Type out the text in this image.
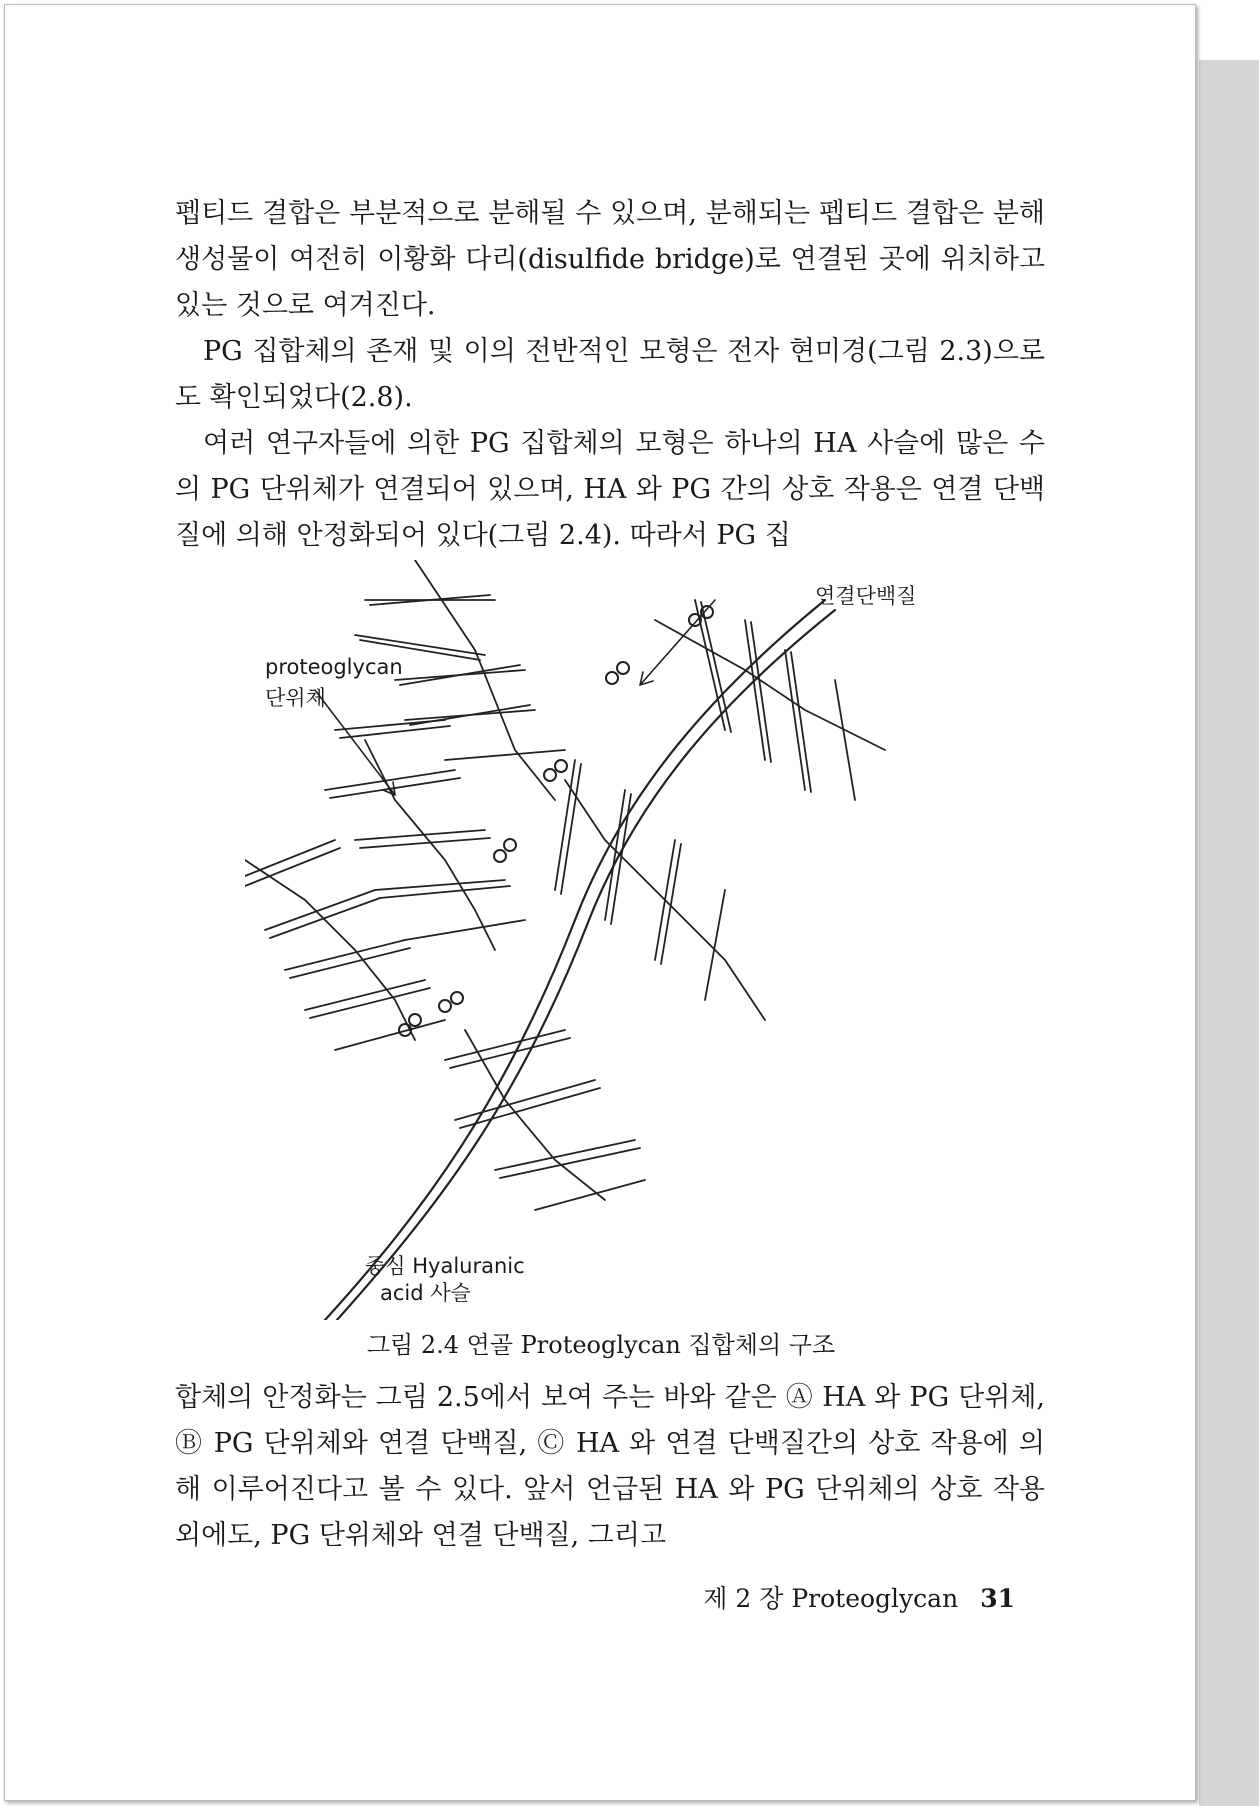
펩티드 결합은 부분적으로 분해될 수 있으며, 분해되는 펩티드 결합은 분해 생성물이 여전히 이황화 다리(disulfide bridge)로 연결된 곳에 위치하고 있는 것으로 여겨진다.

PG 집합체의 존재 및 이의 전반적인 모형은 전자 현미경(그림 2.3)으로도 확인되었다(2.8).

여러 연구자들에 의한 PG 집합체의 모형은 하나의 HA 사슬에 많은 수의 PG 단위체가 연결되어 있으며, HA 와 PG 간의 상호 작용은 연결 단백질에 의해 안정화되어 있다(그림 2.4). 따라서 PG 집

연결단백질
proteoglycan
단위체
중심 Hyaluranic
acid 사슬
그림 2.4 연골 Proteoglycan 집합체의 구조

합체의 안정화는 그림 2.5에서 보여 주는 바와 같은 Ⓐ HA 와 PG 단위체, Ⓑ PG 단위체와 연결 단백질, Ⓒ HA 와 연결 단백질간의 상호 작용에 의해 이루어진다고 볼 수 있다. 앞서 언급된 HA 와 PG 단위체의 상호 작용 외에도, PG 단위체와 연결 단백질, 그리고

제 2 장 Proteoglycan 31
